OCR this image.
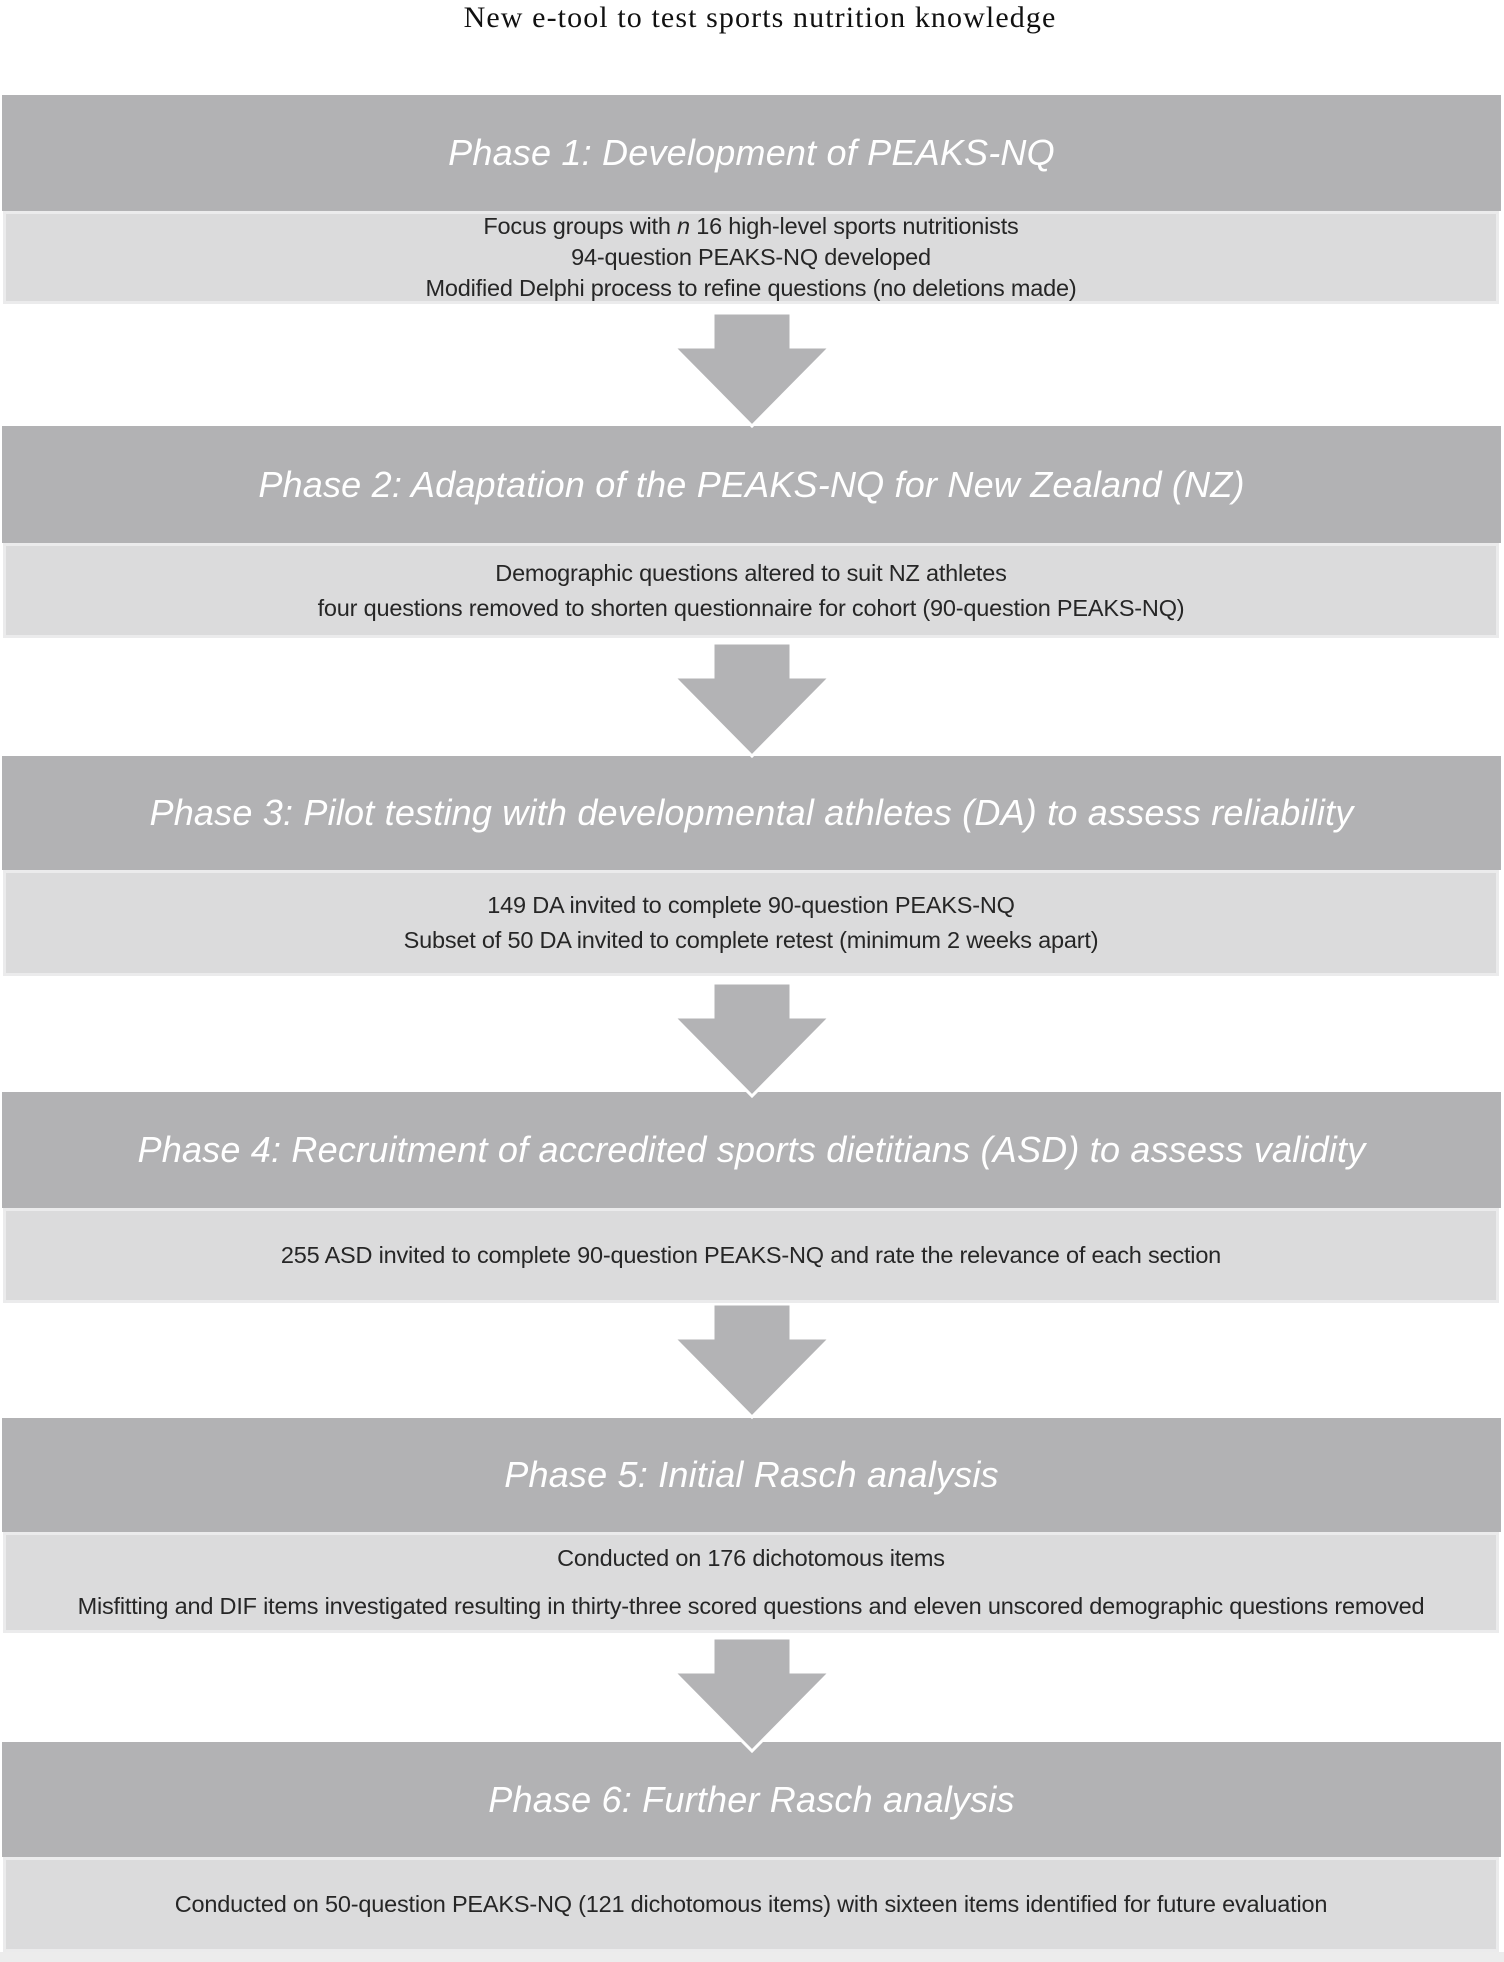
New e-tool to test sports nutrition knowledge
Phase 1: Development of PEAKS-NQ
Focus groups with n 16 high-level sports nutritionists
94-question PEAKS-NQ developed
Modified Delphi process to refine questions (no deletions made)
Phase 2: Adaptation of the PEAKS-NQ for New Zealand (NZ)
Demographic questions altered to suit NZ athletes
four questions removed to shorten questionnaire for cohort (90-question PEAKS-NQ)
Phase 3: Pilot testing with developmental athletes (DA) to assess reliability
149 DA invited to complete 90-question PEAKS-NQ
Subset of 50 DA invited to complete retest (minimum 2 weeks apart)
Phase 4: Recruitment of accredited sports dietitians (ASD) to assess validity
255 ASD invited to complete 90-question PEAKS-NQ and rate the relevance of each section
Phase 5: Initial Rasch analysis
Conducted on 176 dichotomous items
Misfitting and DIF items investigated resulting in thirty-three scored questions and eleven unscored demographic questions removed
Phase 6: Further Rasch analysis
Conducted on 50-question PEAKS-NQ (121 dichotomous items) with sixteen items identified for future evaluation
